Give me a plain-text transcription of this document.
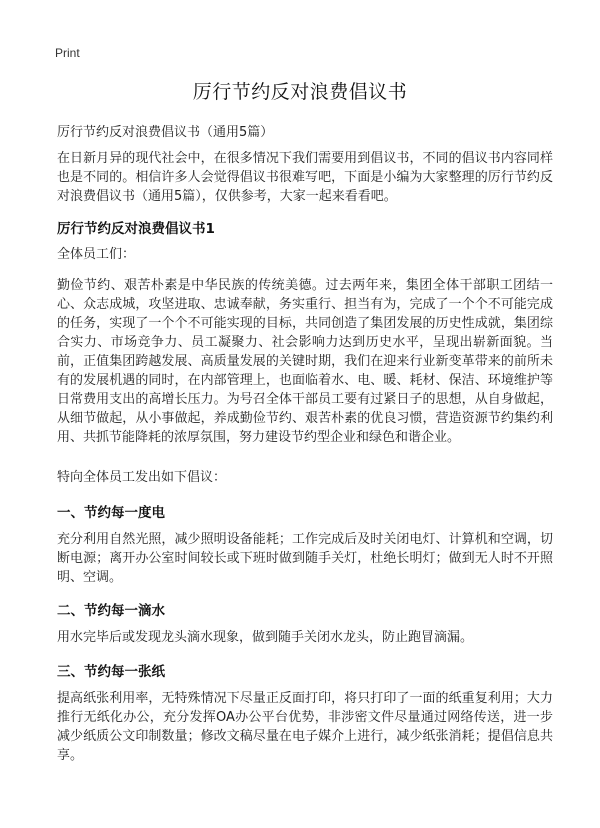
Print
厉行节约反对浪费倡议书

厉行节约反对浪费倡议书（通用5篇）

在日新月异的现代社会中，在很多情况下我们需要用到倡议书，不同的倡议书内容同样也是不同的。相信许多人会觉得倡议书很难写吧，下面是小编为大家整理的厉行节约反对浪费倡议书（通用5篇），仅供参考，大家一起来看看吧。

厉行节约反对浪费倡议书1

全体员工们：

勤俭节约、艰苦朴素是中华民族的传统美德。过去两年来，集团全体干部职工团结一心、众志成城，攻坚进取、忠诚奉献，务实重行、担当有为，完成了一个个不可能完成的任务，实现了一个个不可能实现的目标，共同创造了集团发展的历史性成就，集团综合实力、市场竞争力、员工凝聚力、社会影响力达到历史水平，呈现出崭新面貌。当前，正值集团跨越发展、高质量发展的关键时期，我们在迎来行业新变革带来的前所未有的发展机遇的同时，在内部管理上，也面临着水、电、暖、耗材、保洁、环境维护等日常费用支出的高增长压力。为号召全体干部员工要有过紧日子的思想，从自身做起，从细节做起，从小事做起，养成勤俭节约、艰苦朴素的优良习惯，营造资源节约集约利用、共抓节能降耗的浓厚氛围，努力建设节约型企业和绿色和谐企业。

特向全体员工发出如下倡议：

一、节约每一度电

充分利用自然光照，减少照明设备能耗；工作完成后及时关闭电灯、计算机和空调，切断电源；离开办公室时间较长或下班时做到随手关灯，杜绝长明灯；做到无人时不开照明、空调。

二、节约每一滴水

用水完毕后或发现龙头滴水现象，做到随手关闭水龙头，防止跑冒滴漏。

三、节约每一张纸

提高纸张利用率，无特殊情况下尽量正反面打印，将只打印了一面的纸重复利用；大力推行无纸化办公，充分发挥OA办公平台优势，非涉密文件尽量通过网络传送，进一步减少纸质公文印制数量；修改文稿尽量在电子媒介上进行，减少纸张消耗；提倡信息共享。
